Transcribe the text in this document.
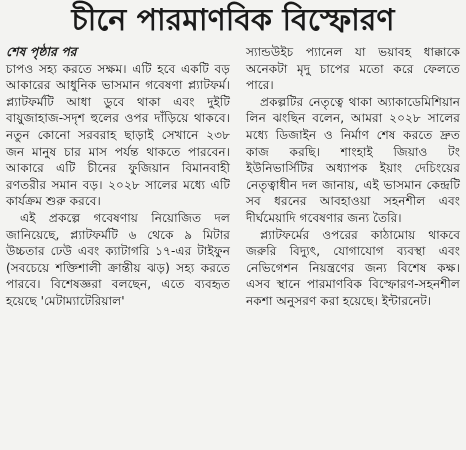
চীনে পারমাণবিক বিস্ফোরণ
শেষ পৃষ্ঠার পর

চাপও সহ্য করতে সক্ষম। এটি হবে একটি বড় আকারের আধুনিক ভাসমান গবেষণা প্ল্যাটফর্ম। প্ল্যাটফর্মটি আধা ডুবে থাকা এবং দুইটি বায়ুজাহাজ-সদৃশ হুলের ওপর দাঁড়িয়ে থাকবে। নতুন কোনো সরবরাহ ছাড়াই সেখানে ২৩৮ জন মানুষ চার মাস পর্যন্ত থাকতে পারবেন। আকারে এটি চীনের ফুজিয়ান বিমানবাহী রণতরীর সমান বড়। ২০২৮ সালের মধ্যে এটি কার্যক্রম শুরু করবে।

এই প্রকল্পে গবেষণায় নিয়োজিত দল জানিয়েছে, প্ল্যাটফর্মটি ৬ থেকে ৯ মিটার উচ্চতার ঢেউ এবং ক্যাটাগরি ১৭-এর টাইফুন (সবচেয়ে শক্তিশালী ক্রান্তীয় ঝড়) সহ্য করতে পারবে। বিশেষজ্ঞরা বলছেন, এতে ব্যবহৃত হয়েছে 'মেটাম্যাটেরিয়াল'

স্যান্ডউইচ প্যানেল যা ভয়াবহ ধাক্কাকে অনেকটা মৃদু চাপের মতো করে ফেলতে পারে।

প্রকল্পটির নেতৃত্বে থাকা অ্যাকাডেমিশিয়ান লিন ঝংছিন বলেন, আমরা ২০২৮ সালের মধ্যে ডিজাইন ও নির্মাণ শেষ করতে দ্রুত কাজ করছি। শাংহাই জিয়াও টং ইউনিভার্সিটির অধ্যাপক ইয়াং দেচিংয়ের নেতৃত্বাধীন দল জানায়, এই ভাসমান কেন্দ্রটি সব ধরনের আবহাওয়া সহনশীল এবং দীর্ঘমেয়াদি গবেষণার জন্য তৈরি।

প্ল্যাটফর্মের ওপরের কাঠামোয় থাকবে জরুরি বিদ্যুৎ, যোগাযোগ ব্যবস্থা এবং নেভিগেশন নিয়ন্ত্রণের জন্য বিশেষ কক্ষ। এসব স্থানে পারমাণবিক বিস্ফোরণ-সহনশীল নকশা অনুসরণ করা হয়েছে। ইন্টারনেট।
